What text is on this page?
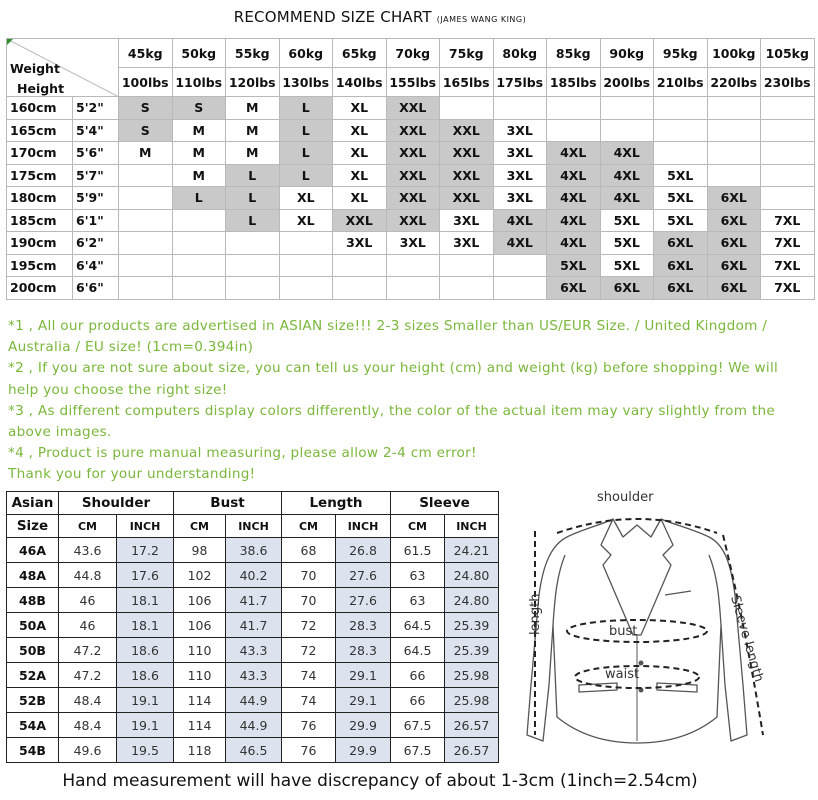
RECOMMEND SIZE CHART (JAMES WANG KING)
Weight
Height		45kg	50kg	55kg	60kg	65kg	70kg	75kg	80kg	85kg	90kg	95kg	100kg	105kg
		100lbs	110lbs	120lbs	130lbs	140lbs	155lbs	165lbs	175lbs	185lbs	200lbs	210lbs	220lbs	230lbs
160cm	5'2"	S	S	M	L	XL	XXL							
165cm	5'4"	S	M	M	L	XL	XXL	XXL	3XL					
170cm	5'6"	M	M	M	L	XL	XXL	XXL	3XL	4XL	4XL			
175cm	5'7"		M	L	L	XL	XXL	XXL	3XL	4XL	4XL	5XL		
180cm	5'9"		L	L	XL	XL	XXL	XXL	3XL	4XL	4XL	5XL	6XL	
185cm	6'1"			L	XL	XXL	XXL	3XL	4XL	4XL	5XL	5XL	6XL	7XL
190cm	6'2"					3XL	3XL	3XL	4XL	4XL	5XL	6XL	6XL	7XL
195cm	6'4"									5XL	5XL	6XL	6XL	7XL
200cm	6'6"									6XL	6XL	6XL	6XL	7XL

*1 , All our products are advertised in ASIAN size!!! 2-3 sizes Smaller than US/EUR Size. / United Kingdom / Australia / EU size! (1cm=0.394in)

*2 , If you are not sure about size, you can tell us your height (cm) and weight (kg) before shopping! We will help you choose the right size!

*3 , As different computers display colors differently, the color of the actual item may vary slightly from the above images.

*4 , Product is pure manual measuring, please allow 2-4 cm error!

Thank you for your understanding!

Asian	Shoulder		Bust		Length		Sleeve	
Size	CM	INCH	CM	INCH	CM	INCH	CM	INCH
46A	43.6	17.2	98	38.6	68	26.8	61.5	24.21
48A	44.8	17.6	102	40.2	70	27.6	63	24.80
48B	46	18.1	106	41.7	70	27.6	63	24.80
50A	46	18.1	106	41.7	72	28.3	64.5	25.39
50B	47.2	18.6	110	43.3	72	28.3	64.5	25.39
52A	47.2	18.6	110	43.3	74	29.1	66	25.98
52B	48.4	19.1	114	44.9	74	29.1	66	25.98
54A	48.4	19.1	114	44.9	76	29.9	67.5	26.57
54B	49.6	19.5	118	46.5	76	29.9	67.5	26.57
shoulder
length	bust
waist	Sleeve length
Hand measurement will have discrepancy of about 1-3cm (1inch=2.54cm)
